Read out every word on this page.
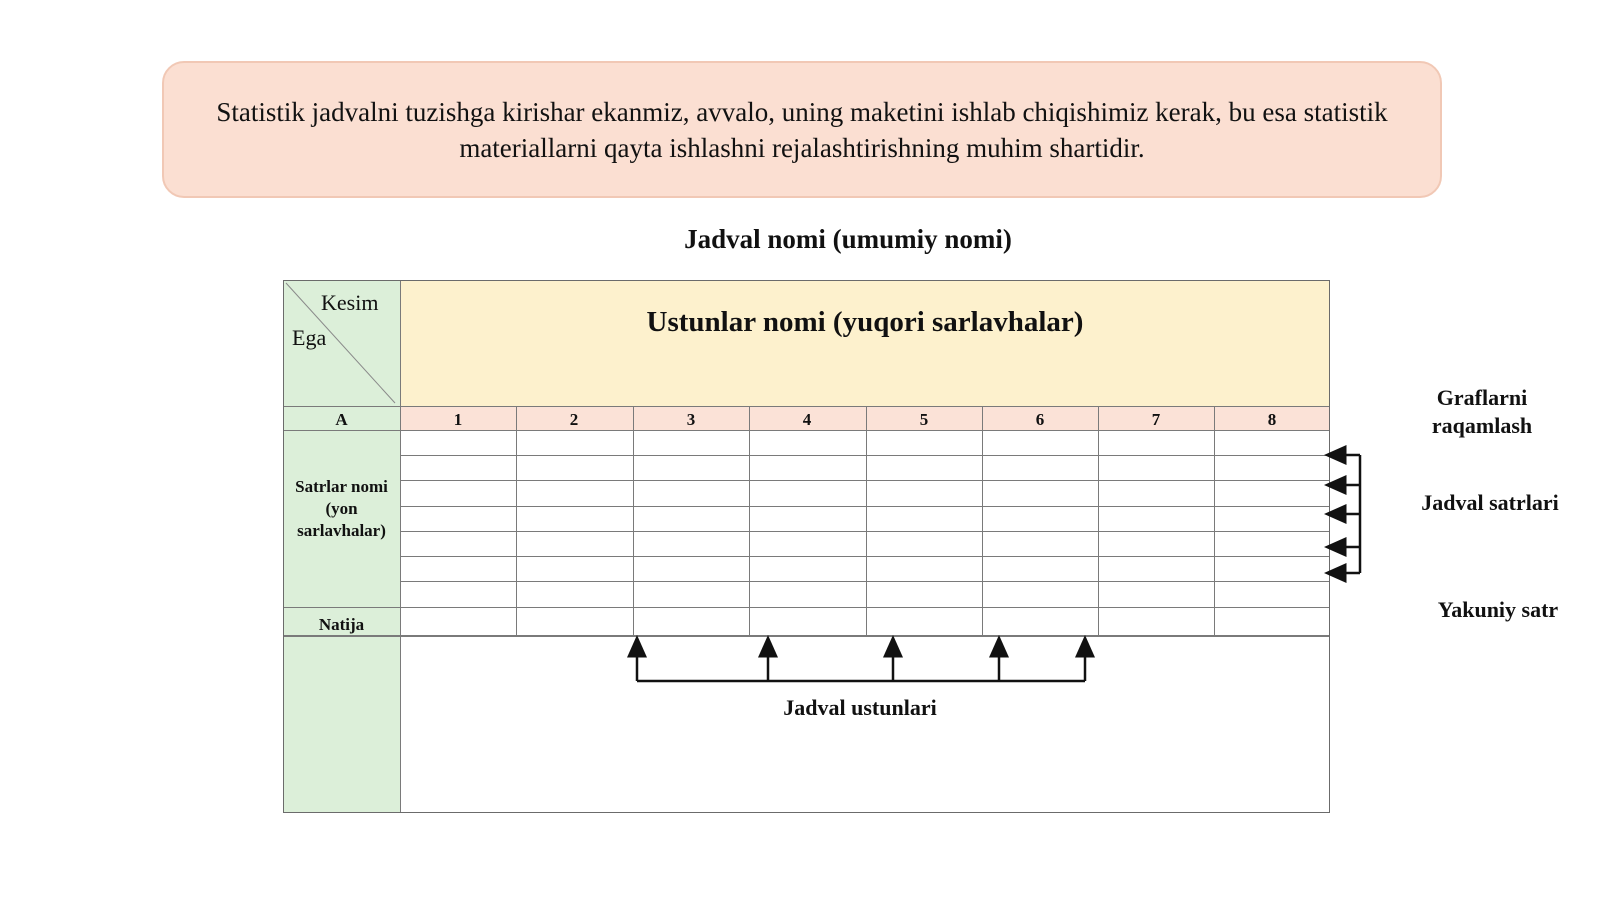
Statistik jadvalni tuzishga kirishar ekanmiz, avvalo, uning maketini ishlab chiqishimiz kerak, bu esa statistik materiallarni qayta ishlashni rejalashtirishning muhim shartidir.
Jadval nomi (umumiy nomi)
Kesim
Ega	Ustunlar nomi (yuqori sarlavhalar)
A	1	2	3	4	5	6	7	8
Satrlar nomi (yon sarlavhalar)
Natija
Jadval ustunlari
Graflarni raqamlash
Jadval satrlari
Yakuniy satr
